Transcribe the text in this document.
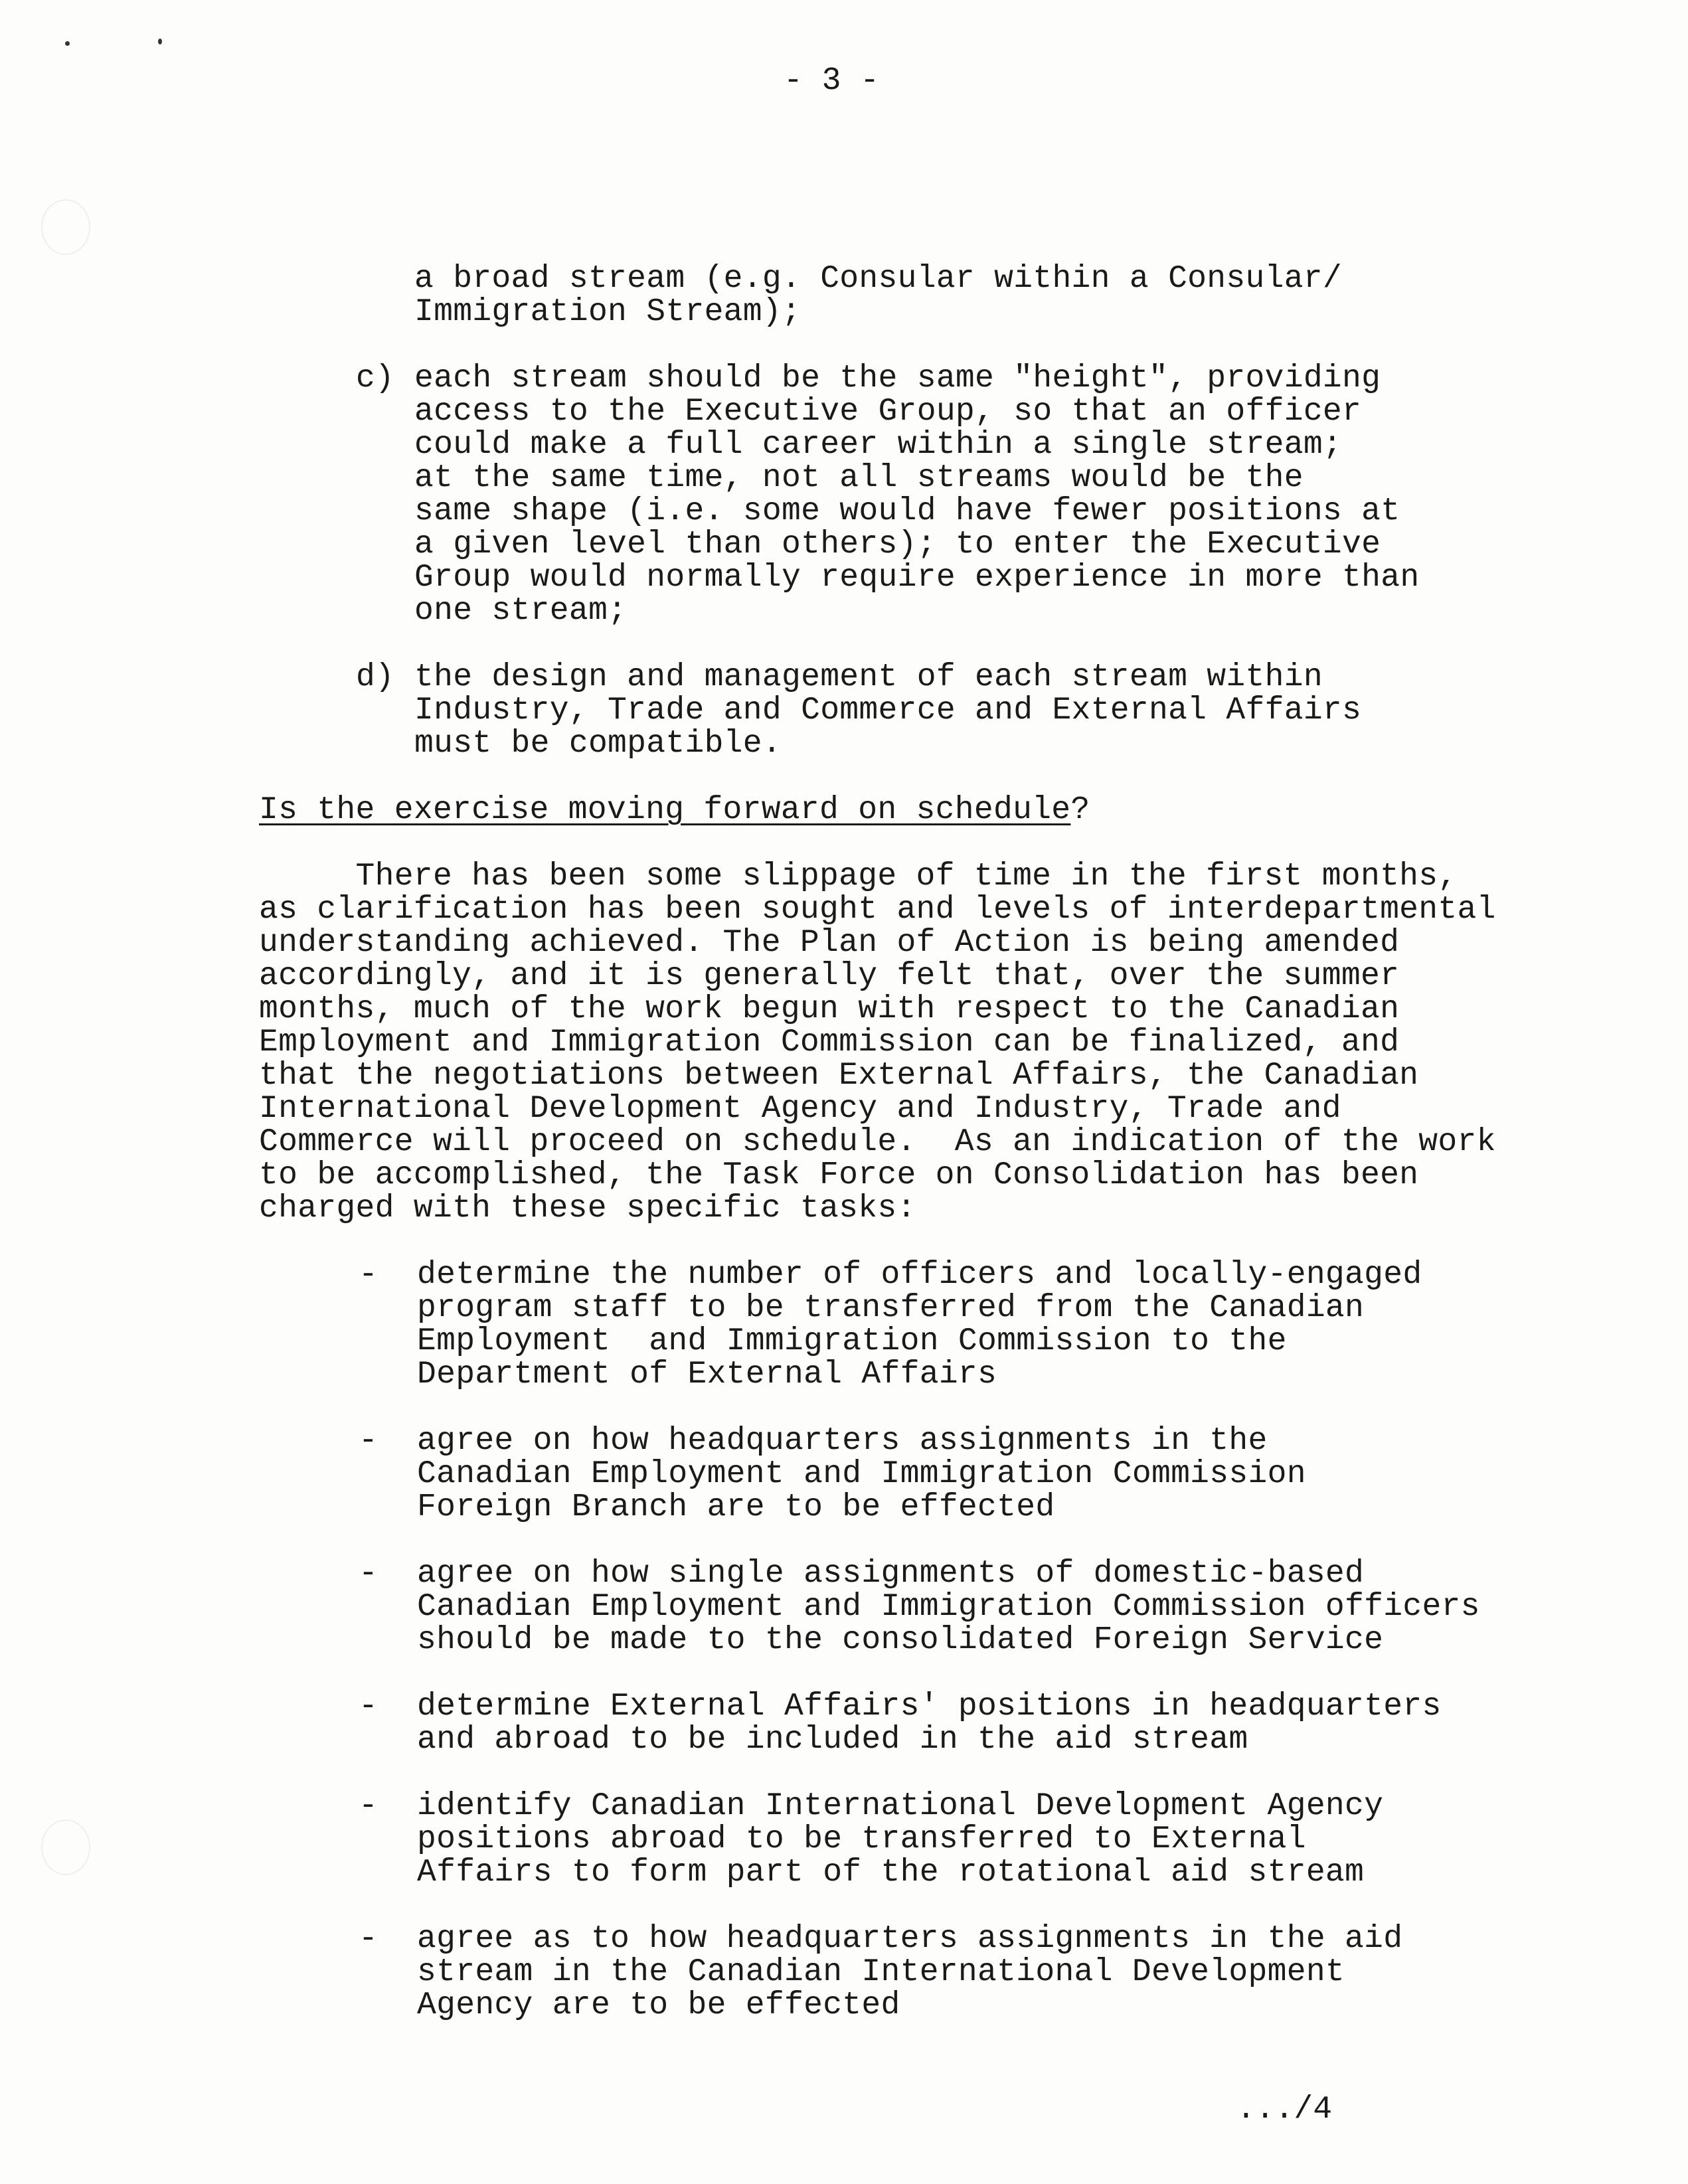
- 3 -
a broad stream (e.g. Consular within a Consular/
Immigration Stream);
c) each stream should be the same "height", providing
access to the Executive Group, so that an officer
could make a full career within a single stream;
at the same time, not all streams would be the
same shape (i.e. some would have fewer positions at
a given level than others); to enter the Executive
Group would normally require experience in more than
one stream;
d) the design and management of each stream within
Industry, Trade and Commerce and External Affairs
must be compatible.
Is the exercise moving forward on schedule?
There has been some slippage of time in the first months,
as clarification has been sought and levels of interdepartmental
understanding achieved. The Plan of Action is being amended
accordingly, and it is generally felt that, over the summer
months, much of the work begun with respect to the Canadian
Employment and Immigration Commission can be finalized, and
that the negotiations between External Affairs, the Canadian
International Development Agency and Industry, Trade and
Commerce will proceed on schedule.  As an indication of the work
to be accomplished, the Task Force on Consolidation has been
charged with these specific tasks:
- determine the number of officers and locally-engaged
program staff to be transferred from the Canadian
Employment  and Immigration Commission to the
Department of External Affairs
- agree on how headquarters assignments in the
Canadian Employment and Immigration Commission
Foreign Branch are to be effected
- agree on how single assignments of domestic-based
Canadian Employment and Immigration Commission officers
should be made to the consolidated Foreign Service
- determine External Affairs' positions in headquarters
and abroad to be included in the aid stream
- identify Canadian International Development Agency
positions abroad to be transferred to External
Affairs to form part of the rotational aid stream
- agree as to how headquarters assignments in the aid
stream in the Canadian International Development
Agency are to be effected
.../4
